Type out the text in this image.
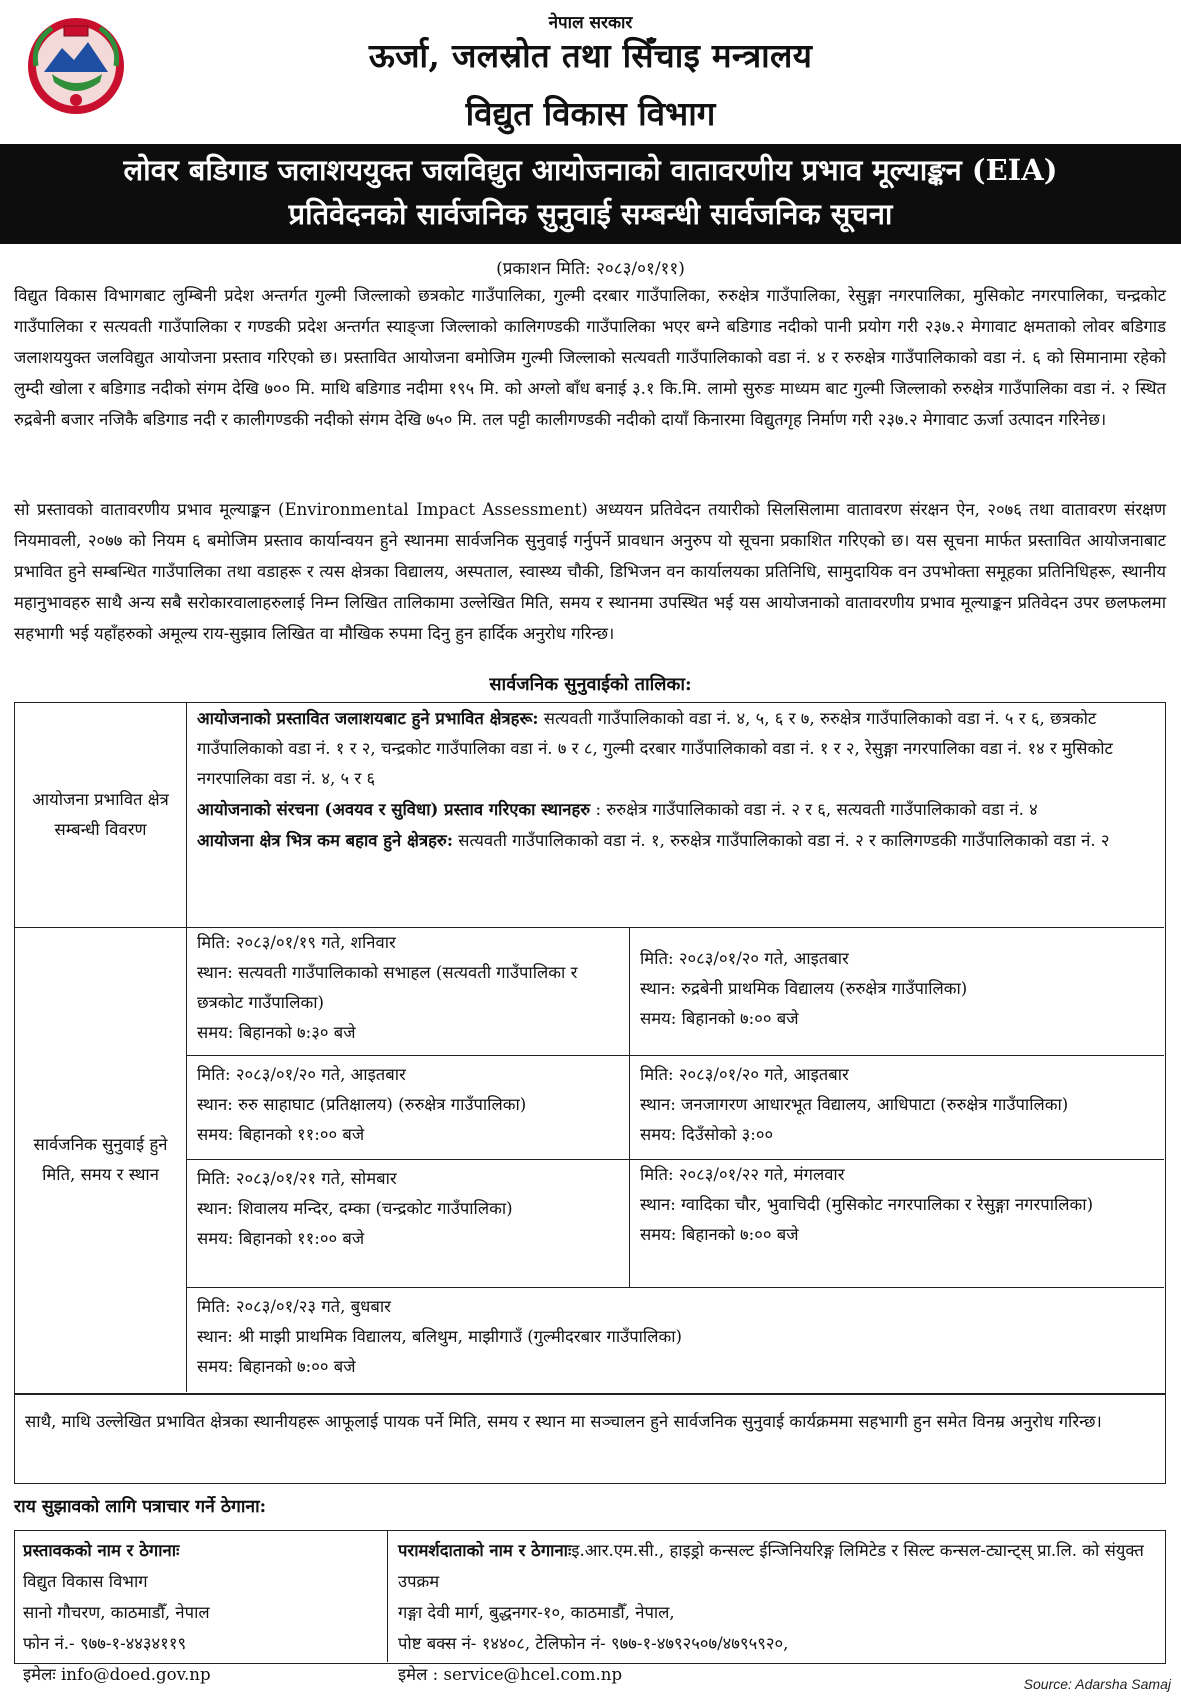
नेपाल सरकार
ऊर्जा, जलस्रोत तथा सिँचाइ मन्त्रालय
विद्युत विकास विभाग
लोवर बडिगाड जलाशययुक्त जलविद्युत आयोजनाको वातावरणीय प्रभाव मूल्याङ्कन (EIA)
प्रतिवेदनको सार्वजनिक सुनुवाई सम्बन्धी सार्वजनिक सूचना
(प्रकाशन मिति: २०८३/०१/११)

विद्युत विकास विभागबाट लुम्बिनी प्रदेश अन्तर्गत गुल्मी जिल्लाको छत्रकोट गाउँपालिका, गुल्मी दरबार गाउँपालिका, रुरुक्षेत्र गाउँपालिका, रेसुङ्गा नगरपालिका, मुसिकोट नगरपालिका, चन्द्रकोट गाउँपालिका र सत्यवती गाउँपालिका र गण्डकी प्रदेश अन्तर्गत स्याङ्जा जिल्लाको कालिगण्डकी गाउँपालिका भएर बग्ने बडिगाड नदीको पानी प्रयोग गरी २३७.२ मेगावाट क्षमताको लोवर बडिगाड जलाशययुक्त जलविद्युत आयोजना प्रस्ताव गरिएको छ। प्रस्तावित आयोजना बमोजिम गुल्मी जिल्लाको सत्यवती गाउँपालिकाको वडा नं. ४ र रुरुक्षेत्र गाउँपालिकाको वडा नं. ६ को सिमानामा रहेको लुम्दी खोला र बडिगाड नदीको संगम देखि ७०० मि. माथि बडिगाड नदीमा १९५ मि. को अग्लो बाँध बनाई ३.१ कि.मि. लामो सुरुङ माध्यम बाट गुल्मी जिल्लाको रुरुक्षेत्र गाउँपालिका वडा नं. २ स्थित रुद्रबेनी बजार नजिकै बडिगाड नदी र कालीगण्डकी नदीको संगम देखि ७५० मि. तल पट्टी कालीगण्डकी नदीको दायाँ किनारमा विद्युतगृह निर्माण गरी २३७.२ मेगावाट ऊर्जा उत्पादन गरिनेछ।

सो प्रस्तावको वातावरणीय प्रभाव मूल्याङ्कन (Environmental Impact Assessment) अध्ययन प्रतिवेदन तयारीको सिलसिलामा वातावरण संरक्षन ऐन, २०७६ तथा वातावरण संरक्षण नियमावली, २०७७ को नियम ६ बमोजिम प्रस्ताव कार्यान्वयन हुने स्थानमा सार्वजनिक सुनुवाई गर्नुपर्ने प्रावधान अनुरुप यो सूचना प्रकाशित गरिएको छ। यस सूचना मार्फत प्रस्तावित आयोजनाबाट प्रभावित हुने सम्बन्धित गाउँपालिका तथा वडाहरू र त्यस क्षेत्रका विद्यालय, अस्पताल, स्वास्थ्य चौकी, डिभिजन वन कार्यालयका प्रतिनिधि, सामुदायिक वन उपभोक्ता समूहका प्रतिनिधिहरू, स्थानीय महानुभावहरु साथै अन्य सबै सरोकारवालाहरुलाई निम्न लिखित तालिकामा उल्लेखित मिति, समय र स्थानमा उपस्थित भई यस आयोजनाको वातावरणीय प्रभाव मूल्याङ्कन प्रतिवेदन उपर छलफलमा सहभागी भई यहाँहरुको अमूल्य राय-सुझाव लिखित वा मौखिक रुपमा दिनु हुन हार्दिक अनुरोध गरिन्छ।

सार्वजनिक सुनुवाईको तालिका:
आयोजना प्रभावित क्षेत्र सम्बन्धी विवरण
आयोजनाको प्रस्तावित जलाशयबाट हुने प्रभावित क्षेत्रहरू: सत्यवती गाउँपालिकाको वडा नं. ४, ५, ६ र ७, रुरुक्षेत्र गाउँपालिकाको वडा नं. ५ र ६, छत्रकोट गाउँपालिकाको वडा नं. १ र २, चन्द्रकोट गाउँपालिका वडा नं. ७ र ८, गुल्मी दरबार गाउँपालिकाको वडा नं. १ र २, रेसुङ्गा नगरपालिका वडा नं. १४ र मुसिकोट नगरपालिका वडा नं. ४, ५ र ६
आयोजनाको संरचना (अवयव र सुविधा) प्रस्ताव गरिएका स्थानहरु : रुरुक्षेत्र गाउँपालिकाको वडा नं. २ र ६, सत्यवती गाउँपालिकाको वडा नं. ४
आयोजना क्षेत्र भित्र कम बहाव हुने क्षेत्रहरु: सत्यवती गाउँपालिकाको वडा नं. १, रुरुक्षेत्र गाउँपालिकाको वडा नं. २ र कालिगण्डकी गाउँपालिकाको वडा नं. २
सार्वजनिक सुनुवाई हुने मिति, समय र स्थान
मिति: २०८३/०१/१९ गते, शनिवार
स्थान: सत्यवती गाउँपालिकाको सभाहल (सत्यवती गाउँपालिका र छत्रकोट गाउँपालिका)
समय: बिहानको ७:३० बजे
मिति: २०८३/०१/२० गते, आइतबार
स्थान: रुद्रबेनी प्राथमिक विद्यालय (रुरुक्षेत्र गाउँपालिका)
समय: बिहानको ७:०० बजे
मिति: २०८३/०१/२० गते, आइतबार
स्थान: रुरु साहाघाट (प्रतिक्षालय) (रुरुक्षेत्र गाउँपालिका)
समय: बिहानको ११:०० बजे
मिति: २०८३/०१/२० गते, आइतबार
स्थान: जनजागरण आधारभूत विद्यालय, आधिपाटा (रुरुक्षेत्र गाउँपालिका)
समय: दिउँसोको ३:००
मिति: २०८३/०१/२१ गते, सोमबार
स्थान: शिवालय मन्दिर, दम्का (चन्द्रकोट गाउँपालिका)
समय: बिहानको ११:०० बजे
मिति: २०८३/०१/२२ गते, मंगलवार
स्थान: ग्वादिका चौर, भुवाचिदी (मुसिकोट नगरपालिका र रेसुङ्गा नगरपालिका)
समय: बिहानको ७:०० बजे
मिति: २०८३/०१/२३ गते, बुधबार
स्थान: श्री माझी प्राथमिक विद्यालय, बलिथुम, माझीगाउँ (गुल्मीदरबार गाउँपालिका)
समय: बिहानको ७:०० बजे
साथै, माथि उल्लेखित प्रभावित क्षेत्रका स्थानीयहरू आफूलाई पायक पर्ने मिति, समय र स्थान मा सञ्चालन हुने सार्वजनिक सुनुवाई कार्यक्रममा सहभागी हुन समेत विनम्र अनुरोध गरिन्छ।
राय सुझावको लागि पत्राचार गर्ने ठेगाना:
प्रस्तावकको नाम र ठेगानाः
विद्युत विकास विभाग
सानो गौचरण, काठमाडौँ, नेपाल
फोन नं.- ९७७-१-४४३४११९
इमेलः info@doed.gov.np
परामर्शदाताको नाम र ठेगानाःइ.आर.एम.सी., हाइड्रो कन्सल्ट ईन्जिनियरिङ्ग लिमिटेड र सिल्ट कन्सल-ट्यान्ट्स् प्रा.लि. को संयुक्त उपक्रम
गङ्गा देवी मार्ग, बुद्धनगर-१०, काठमाडौँ, नेपाल,
पोष्ट बक्स नं- १४४०८, टेलिफोन नं- ९७७-१-४७९२५०७/४७९५९२०,
इमेल : service@hcel.com.np	Source: Adarsha Samaj
